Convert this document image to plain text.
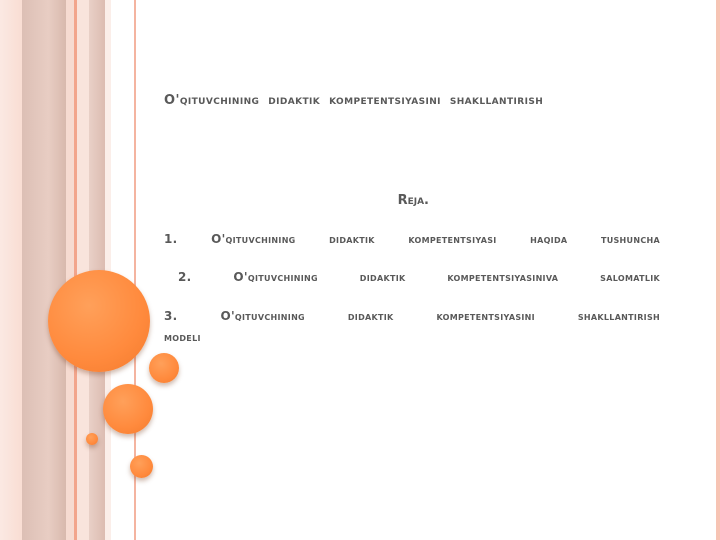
O'qituvchining didaktik kompetentsiyasini shakllantirish
Reja.
1.	O'qituvchining didaktik kompetentsiyasi haqida tushuncha
2.	O'qituvchining didaktik kompetentsiyasiniva salomatlik
3.	O'qituvchining didaktik kompetentsiyasini shakllantirish
modeli
